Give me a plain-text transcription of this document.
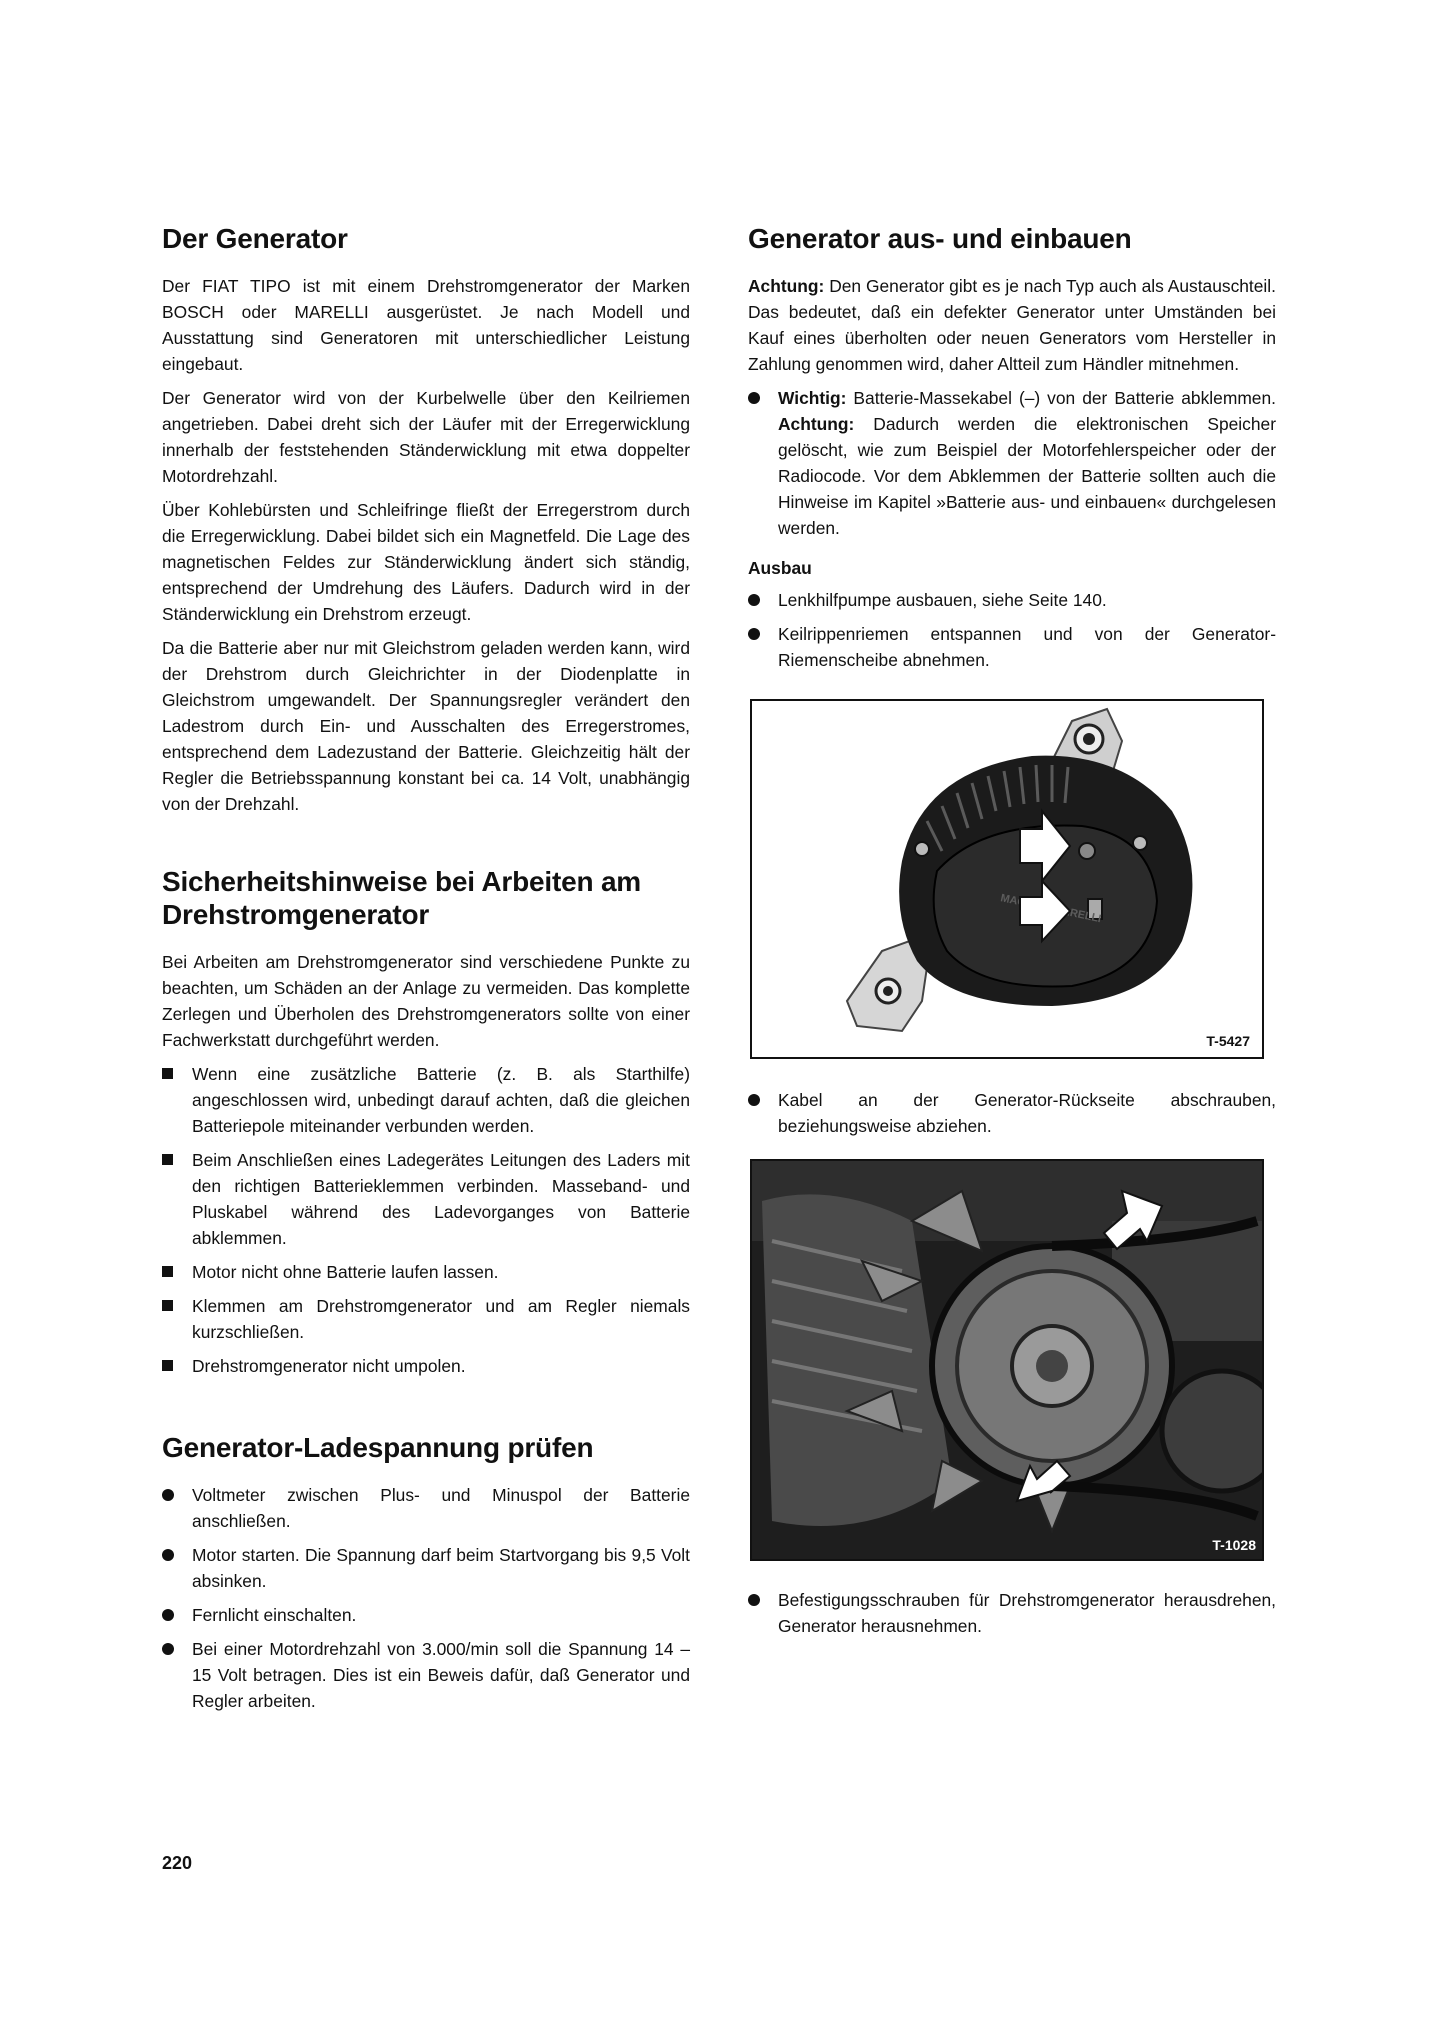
Der Generator

Der FIAT TIPO ist mit einem Drehstromgenerator der Marken BOSCH oder MARELLI ausgerüstet. Je nach Modell und Ausstattung sind Generatoren mit unterschiedlicher Leistung eingebaut.

Der Generator wird von der Kurbelwelle über den Keilriemen angetrieben. Dabei dreht sich der Läufer mit der Erregerwicklung innerhalb der feststehenden Ständerwicklung mit etwa doppelter Motordrehzahl.

Über Kohlebürsten und Schleifringe fließt der Erregerstrom durch die Erregerwicklung. Dabei bildet sich ein Magnetfeld. Die Lage des magnetischen Feldes zur Ständerwicklung ändert sich ständig, entsprechend der Umdrehung des Läufers. Dadurch wird in der Ständerwicklung ein Drehstrom erzeugt.

Da die Batterie aber nur mit Gleichstrom geladen werden kann, wird der Drehstrom durch Gleichrichter in der Diodenplatte in Gleichstrom umgewandelt. Der Spannungsregler verändert den Ladestrom durch Ein- und Ausschalten des Erregerstromes, entsprechend dem Ladezustand der Batterie. Gleichzeitig hält der Regler die Betriebsspannung konstant bei ca. 14 Volt, unabhängig von der Drehzahl.

Sicherheitshinweise bei Arbeiten am Drehstromgenerator

Bei Arbeiten am Drehstromgenerator sind verschiedene Punkte zu beachten, um Schäden an der Anlage zu vermeiden. Das komplette Zerlegen und Überholen des Drehstromgenerators sollte von einer Fachwerkstatt durchgeführt werden.

Wenn eine zusätzliche Batterie (z. B. als Starthilfe) angeschlossen wird, unbedingt darauf achten, daß die gleichen Batteriepole miteinander verbunden werden.
Beim Anschließen eines Ladegerätes Leitungen des Laders mit den richtigen Batterieklemmen verbinden. Masseband- und Pluskabel während des Ladevorganges von Batterie abklemmen.
Motor nicht ohne Batterie laufen lassen.
Klemmen am Drehstromgenerator und am Regler niemals kurzschließen.
Drehstromgenerator nicht umpolen.
Generator-Ladespannung prüfen
Voltmeter zwischen Plus- und Minuspol der Batterie anschließen.
Motor starten. Die Spannung darf beim Startvorgang bis 9,5 Volt absinken.
Fernlicht einschalten.
Bei einer Motordrehzahl von 3.000/min soll die Spannung 14 – 15 Volt betragen. Dies ist ein Beweis dafür, daß Generator und Regler arbeiten.
Generator aus- und einbauen

Achtung: Den Generator gibt es je nach Typ auch als Austauschteil. Das bedeutet, daß ein defekter Generator unter Umständen bei Kauf eines überholten oder neuen Generators vom Hersteller in Zahlung genommen wird, daher Altteil zum Händler mitnehmen.

Wichtig: Batterie-Massekabel (–) von der Batterie abklemmen. Achtung: Dadurch werden die elektronischen Speicher gelöscht, wie zum Beispiel der Motorfehlerspeicher oder der Radiocode. Vor dem Abklemmen der Batterie sollten auch die Hinweise im Kapitel »Batterie aus- und einbauen« durchgelesen werden.
Ausbau
Lenkhilfpumpe ausbauen, siehe Seite 140.
Keilrippenriemen entspannen und von der Generator-Riemenscheibe abnehmen.
MARELLI
T-5427
Kabel an der Generator-Rückseite abschrauben, beziehungsweise abziehen.
T-1028
Befestigungsschrauben für Drehstromgenerator herausdrehen, Generator herausnehmen.
220
